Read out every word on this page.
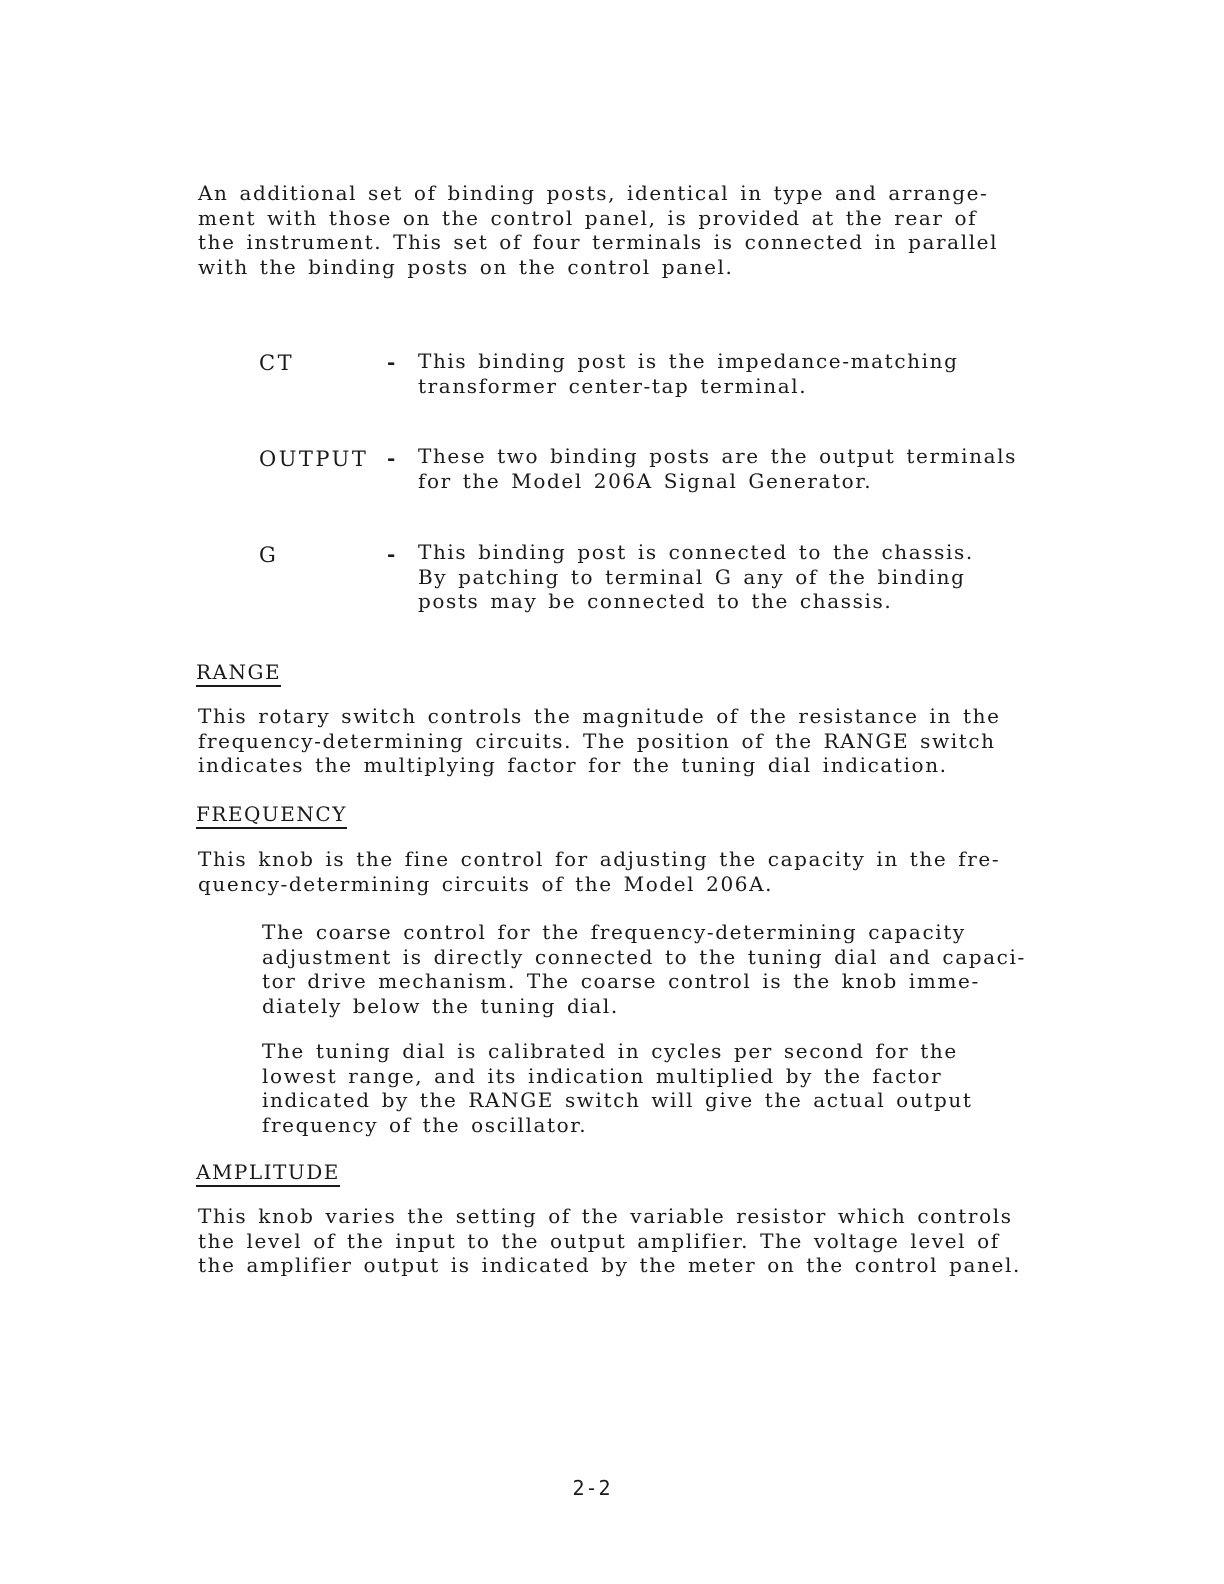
An additional set of binding posts, identical in type and arrange-
ment with those on the control panel, is provided at the rear of
the instrument. This set of four terminals is connected in parallel
with the binding posts on the control panel.

CT	- This binding post is the impedance-matching
transformer center-tap terminal.

OUTPUT - These two binding posts are the output terminals
for the Model 206A Signal Generator.

G	- This binding post is connected to the chassis.
By patching to terminal G any of the binding
posts may be connected to the chassis.

RANGE

This rotary switch controls the magnitude of the resistance in the
frequency-determining circuits. The position of the RANGE switch
indicates the multiplying factor for the tuning dial indication.

FREQUENCY

This knob is the fine control for adjusting the capacity in the fre-
quency-determining circuits of the Model 206A.

The coarse control for the frequency-determining capacity
adjustment is directly connected to the tuning dial and capaci-
tor drive mechanism. The coarse control is the knob imme-
diately below the tuning dial.

The tuning dial is calibrated in cycles per second for the
lowest range, and its indication multiplied by the factor
indicated by the RANGE switch will give the actual output
frequency of the oscillator.

AMPLITUDE

This knob varies the setting of the variable resistor which controls
the level of the input to the output amplifier. The voltage level of
the amplifier output is indicated by the meter on the control panel.

2-2
